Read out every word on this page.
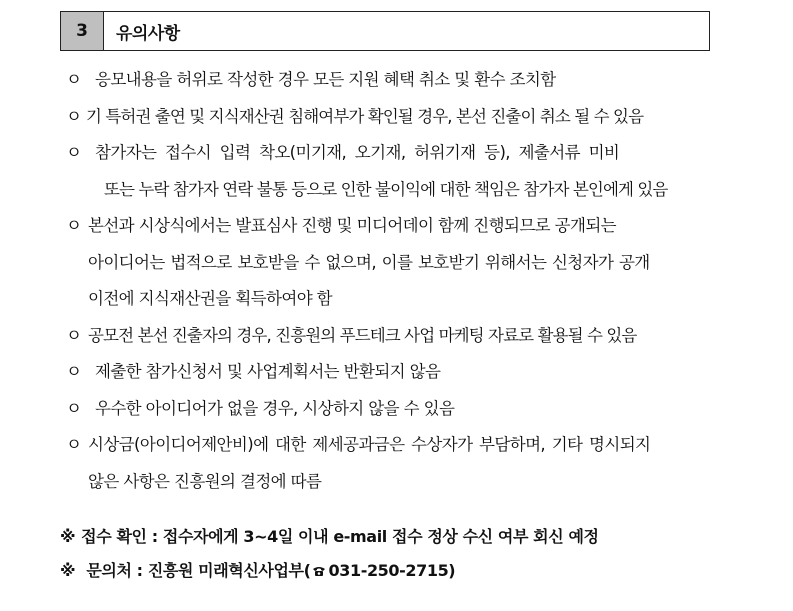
3	유의사항
ㅇ 응모내용을 허위로 작성한 경우 모든 지원 혜택 취소 및 환수 조치함
ㅇ 기 특허권 출연 및 지식재산권 침해여부가 확인될 경우, 본선 진출이 취소 될 수 있음
ㅇ 참가자는 접수시 입력 착오(미기재, 오기재, 허위기재 등), 제출서류 미비
또는 누락 참가자 연락 불통 등으로 인한 불이익에 대한 책임은 참가자 본인에게 있음
ㅇ 본선과 시상식에서는 발표심사 진행 및 미디어데이 함께 진행되므로 공개되는
아이디어는 법적으로 보호받을 수 없으며, 이를 보호받기 위해서는 신청자가 공개
이전에 지식재산권을 획득하여야 함
ㅇ 공모전 본선 진출자의 경우, 진흥원의 푸드테크 사업 마케팅 자료로 활용될 수 있음
ㅇ 제출한 참가신청서 및 사업계획서는 반환되지 않음
ㅇ 우수한 아이디어가 없을 경우, 시상하지 않을 수 있음
ㅇ 시상금(아이디어제안비)에 대한 제세공과금은 수상자가 부담하며, 기타 명시되지
않은 사항은 진흥원의 결정에 따름
※ 접수 확인 : 접수자에게 3~4일 이내 e-mail 접수 정상 수신 여부 회신 예정
※ 문의처 : 진흥원 미래혁신사업부( 031-250-2715)
